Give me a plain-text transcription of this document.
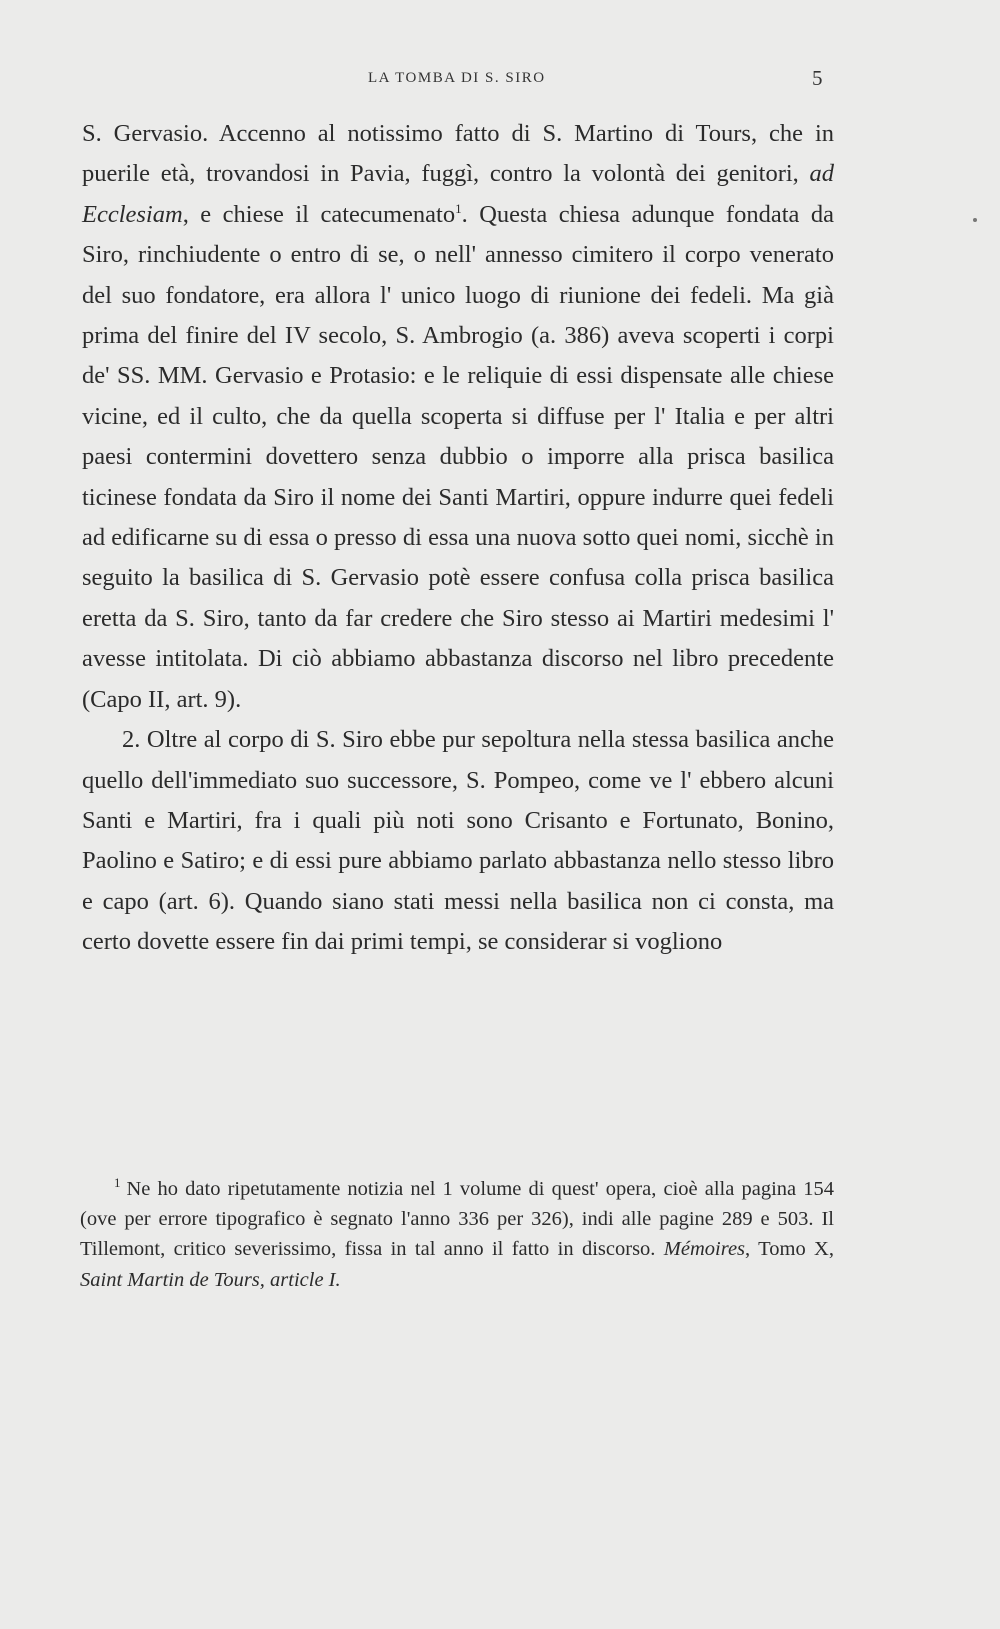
LA TOMBA DI S. SIRO	5

S. Gervasio. Accenno al notissimo fatto di S. Martino di Tours, che in puerile età, trovandosi in Pavia, fuggì, contro la volontà dei genitori, ad Ecclesiam, e chiese il catecumenato$^1$. Questa chiesa adunque fondata da Siro, rinchiudente o entro di se, o nell' annesso cimitero il corpo venerato del suo fondatore, era allora l' unico luogo di riunione dei fedeli. Ma già prima del finire del IV secolo, S. Ambrogio (a. 386) aveva scoperti i corpi de' SS. MM. Gervasio e Protasio: e le reliquie di essi dispensate alle chiese vicine, ed il culto, che da quella scoperta si diffuse per l' Italia e per altri paesi contermini dovettero senza dubbio o imporre alla prisca basilica ticinese fondata da Siro il nome dei Santi Martiri, oppure indurre quei fedeli ad edificarne su di essa o presso di essa una nuova sotto quei nomi, sicchè in seguito la basilica di S. Gervasio potè essere confusa colla prisca basilica eretta da S. Siro, tanto da far credere che Siro stesso ai Martiri medesimi l' avesse intitolata. Di ciò abbiamo abbastanza discorso nel libro precedente (Capo II, art. 9).

2. Oltre al corpo di S. Siro ebbe pur sepoltura nella stessa basilica anche quello dell'immediato suo successore, S. Pompeo, come ve l' ebbero alcuni Santi e Martiri, fra i quali più noti sono Crisanto e Fortunato, Bonino, Paolino e Satiro; e di essi pure abbiamo parlato abbastanza nello stesso libro e capo (art. 6). Quando siano stati messi nella basilica non ci consta, ma certo dovette essere fin dai primi tempi, se considerar si vogliono

$^1$ Ne ho dato ripetutamente notizia nel 1 volume di quest' opera, cioè alla pagina 154 (ove per errore tipografico è segnato l'anno 336 per 326), indi alle pagine 289 e 503. Il Tillemont, critico severissimo, fissa in tal anno il fatto in discorso. Mémoires, Tomo X, Saint Martin de Tours, article I.
